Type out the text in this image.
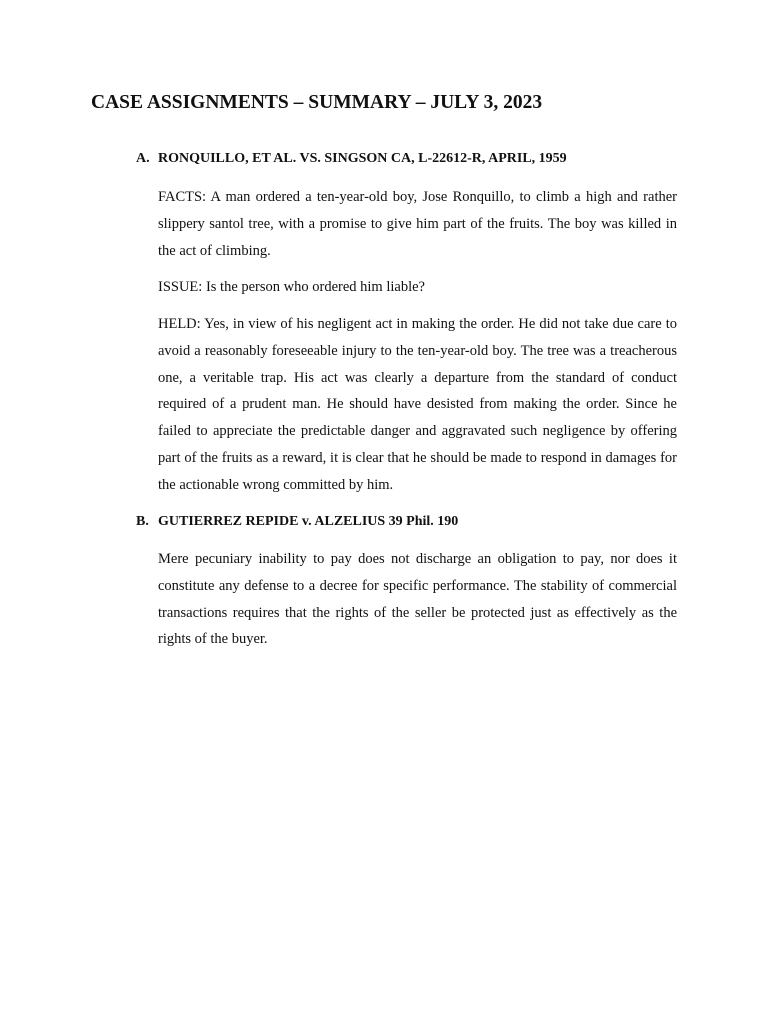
CASE ASSIGNMENTS – SUMMARY – JULY 3, 2023
A. RONQUILLO, ET AL. VS. SINGSON CA, L-22612-R, APRIL, 1959

FACTS: A man ordered a ten-year-old boy, Jose Ronquillo, to climb a high and rather slippery santol tree, with a promise to give him part of the fruits. The boy was killed in the act of climbing.

ISSUE: Is the person who ordered him liable?

HELD: Yes, in view of his negligent act in making the order. He did not take due care to avoid a reasonably foreseeable injury to the ten-year-old boy. The tree was a treacherous one, a veritable trap. His act was clearly a departure from the standard of conduct required of a prudent man. He should have desisted from making the order. Since he failed to appreciate the predictable danger and aggravated such negligence by offering part of the fruits as a reward, it is clear that he should be made to respond in damages for the actionable wrong committed by him.

B. GUTIERREZ REPIDE v. ALZELIUS 39 Phil. 190

Mere pecuniary inability to pay does not discharge an obligation to pay, nor does it constitute any defense to a decree for specific performance. The stability of commercial transactions requires that the rights of the seller be protected just as effectively as the rights of the buyer.
